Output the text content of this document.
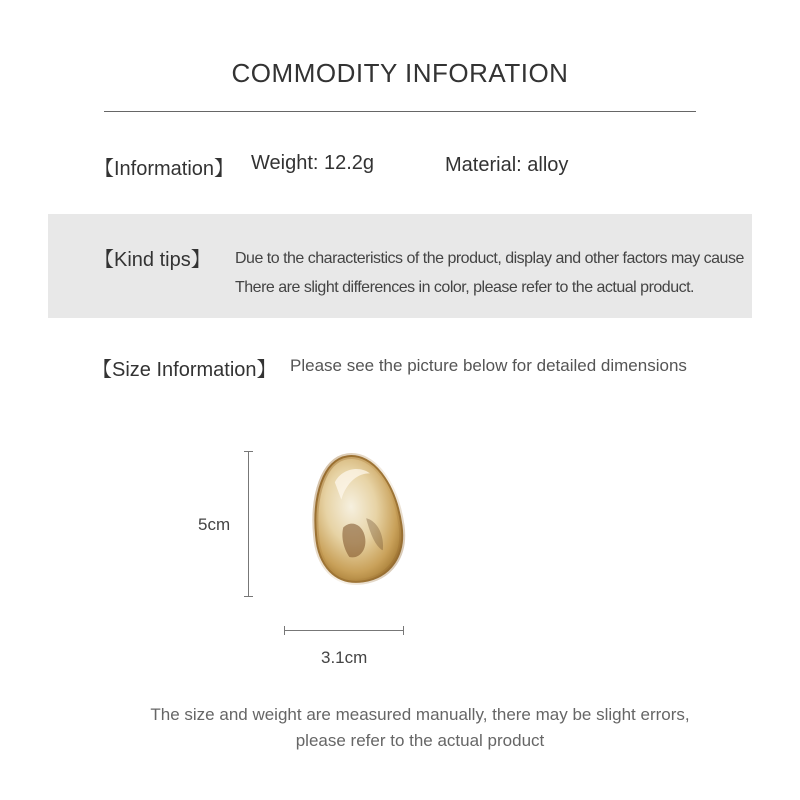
COMMODITY INFORATION
【Information】 Weight: 12.2g	Material: alloy
【Kind tips】 Due to the characteristics of the product, display and other factors may cause
There are slight differences in color, please refer to the actual product.
【Size Information】 Please see the picture below for detailed dimensions
5cm
3.1cm
The size and weight are measured manually, there may be slight errors,
please refer to the actual product
